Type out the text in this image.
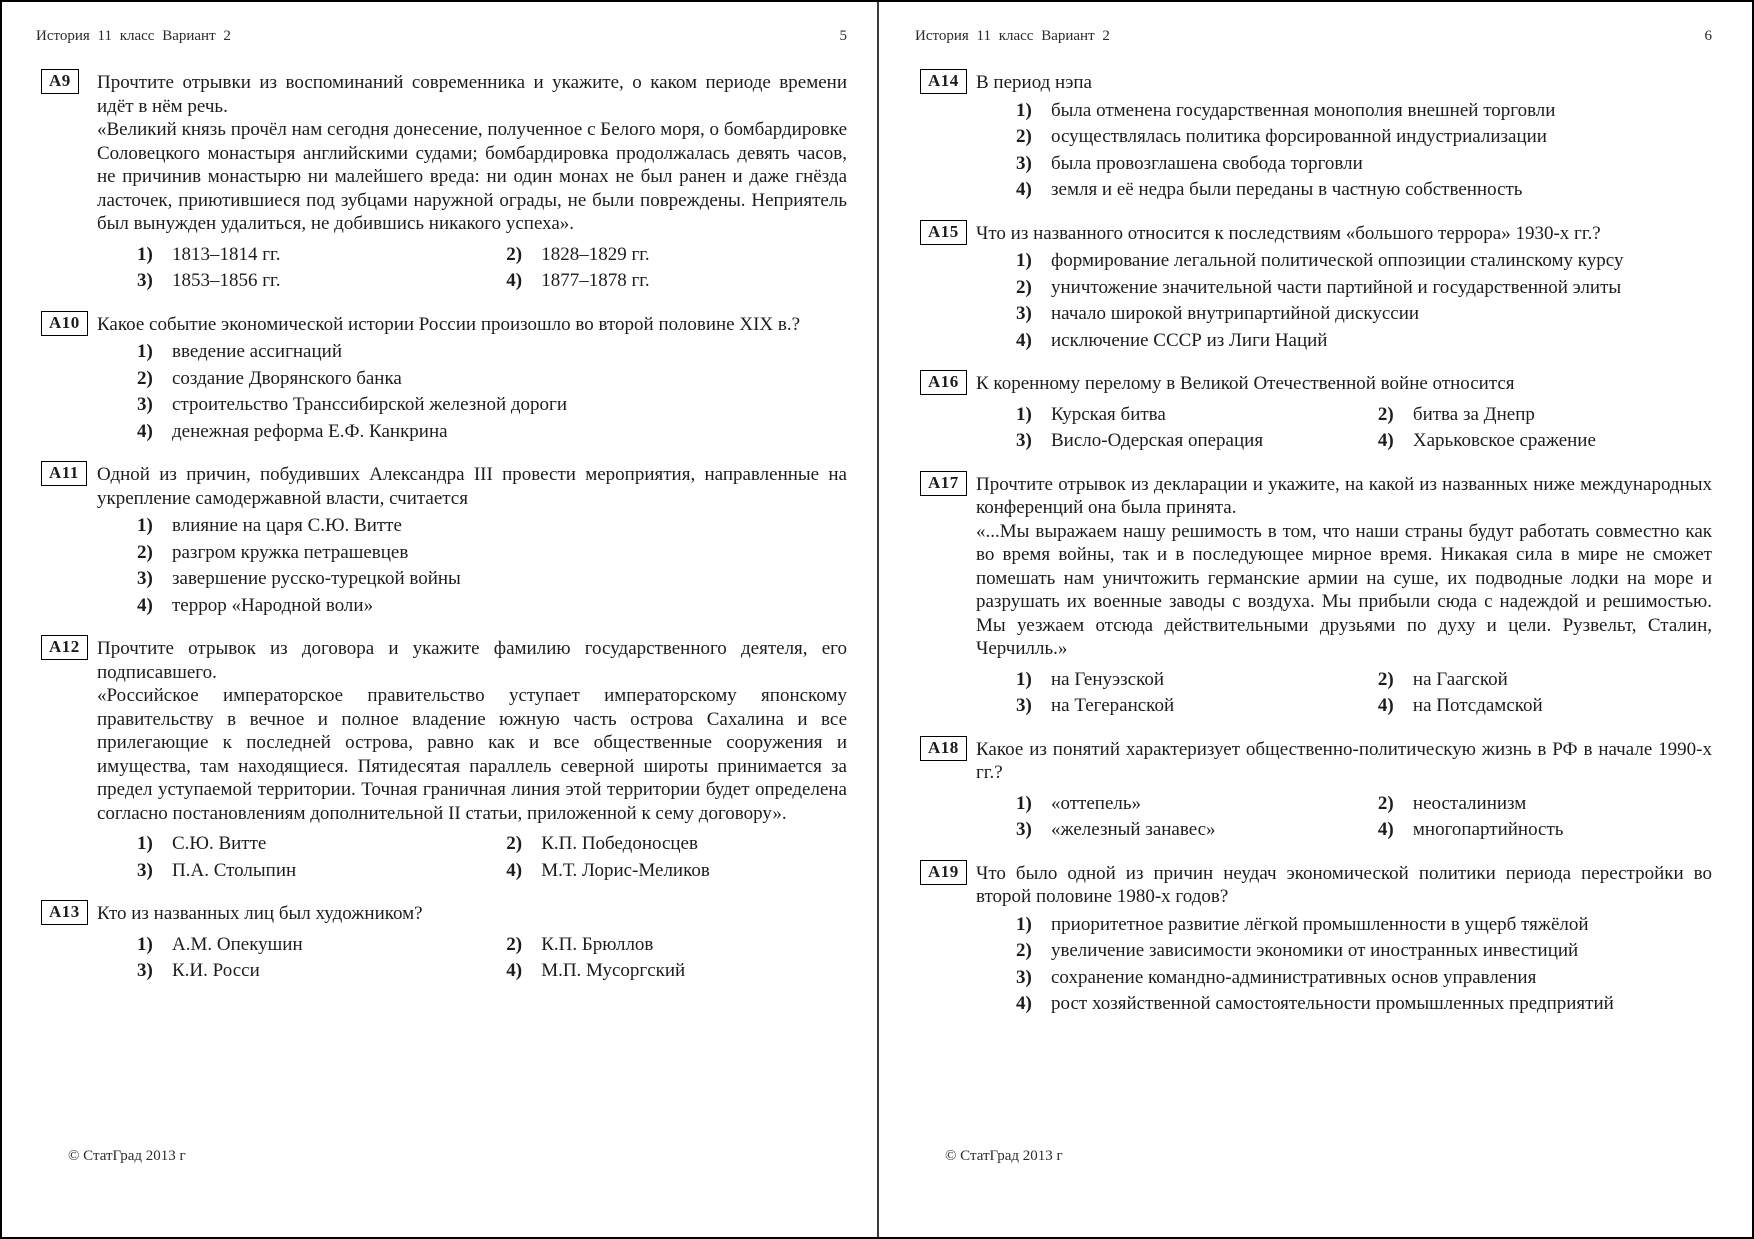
История 11 класс Вариант 2	5
А9	Прочтите отрывки из воспоминаний современника и укажите, о каком периоде времени идёт в нём речь.

«Великий князь прочёл нам сегодня донесение, полученное с Белого моря, о бомбардировке Соловецкого монастыря английскими судами; бомбардировка продолжалась девять часов, не причинив монастырю ни малейшего вреда: ни один монах не был ранен и даже гнёзда ласточек, приютившиеся под зубцами наружной ограды, не были повреждены. Неприятель был вынужден удалиться, не добившись никакого успеха».

1)	1813–1814 гг.	2)	1828–1829 гг.
3)	1853–1856 гг.	4)	1877–1878 гг.
А10 Какое событие экономической истории России произошло во второй половине XIX в.?

1)	введение ассигнаций
2)	создание Дворянского банка
3)	строительство Транссибирской железной дороги
4)	денежная реформа Е.Ф. Канкрина
А11 Одной из причин, побудивших Александра III провести мероприятия, направленные на укрепление самодержавной власти, считается

1)	влияние на царя С.Ю. Витте
2)	разгром кружка петрашевцев
3)	завершение русско-турецкой войны
4)	террор «Народной воли»
А12 Прочтите отрывок из договора и укажите фамилию государственного деятеля, его подписавшего.

«Российское императорское правительство уступает императорскому японскому правительству в вечное и полное владение южную часть острова Сахалина и все прилегающие к последней острова, равно как и все общественные сооружения и имущества, там находящиеся. Пятидесятая параллель северной широты принимается за предел уступаемой территории. Точная граничная линия этой территории будет определена согласно постановлениям дополнительной II статьи, приложенной к сему договору».

1)	С.Ю. Витте	2)	К.П. Победоносцев
3)	П.А. Столыпин	4)	М.Т. Лорис-Меликов
А13 Кто из названных лиц был художником?

1)	А.М. Опекушин	2)	К.П. Брюллов
3)	К.И. Росси	4)	М.П. Мусоргский
© СтатГрад 2013 г
История 11 класс Вариант 2	6
А14 В период нэпа

1)	была отменена государственная монополия внешней торговли
2)	осуществлялась политика форсированной индустриализации
3)	была провозглашена свобода торговли
4)	земля и её недра были переданы в частную собственность
А15 Что из названного относится к последствиям «большого террора» 1930-х гг.?

1)	формирование легальной политической оппозиции сталинскому курсу
2)	уничтожение значительной части партийной и государственной элиты
3)	начало широкой внутрипартийной дискуссии
4)	исключение СССР из Лиги Наций
А16 К коренному перелому в Великой Отечественной войне относится

1)	Курская битва	2)	битва за Днепр
3)	Висло-Одерская операция	4)	Харьковское сражение
А17 Прочтите отрывок из декларации и укажите, на какой из названных ниже международных конференций она была принята.

«...Мы выражаем нашу решимость в том, что наши страны будут работать совместно как во время войны, так и в последующее мирное время. Никакая сила в мире не сможет помешать нам уничтожить германские армии на суше, их подводные лодки на море и разрушать их военные заводы с воздуха. Мы прибыли сюда с надеждой и решимостью. Мы уезжаем отсюда действительными друзьями по духу и цели. Рузвельт, Сталин, Черчилль.»

1)	на Генуэзской	2)	на Гаагской
3)	на Тегеранской	4)	на Потсдамской
А18 Какое из понятий характеризует общественно-политическую жизнь в РФ в начале 1990-х гг.?

1)	«оттепель»	2)	неосталинизм
3)	«железный занавес»	4)	многопартийность
А19 Что было одной из причин неудач экономической политики периода перестройки во второй половине 1980-х годов?

1)	приоритетное развитие лёгкой промышленности в ущерб тяжёлой
2)	увеличение зависимости экономики от иностранных инвестиций
3)	сохранение командно-административных основ управления
4)	рост хозяйственной самостоятельности промышленных предприятий
© СтатГрад 2013 г
